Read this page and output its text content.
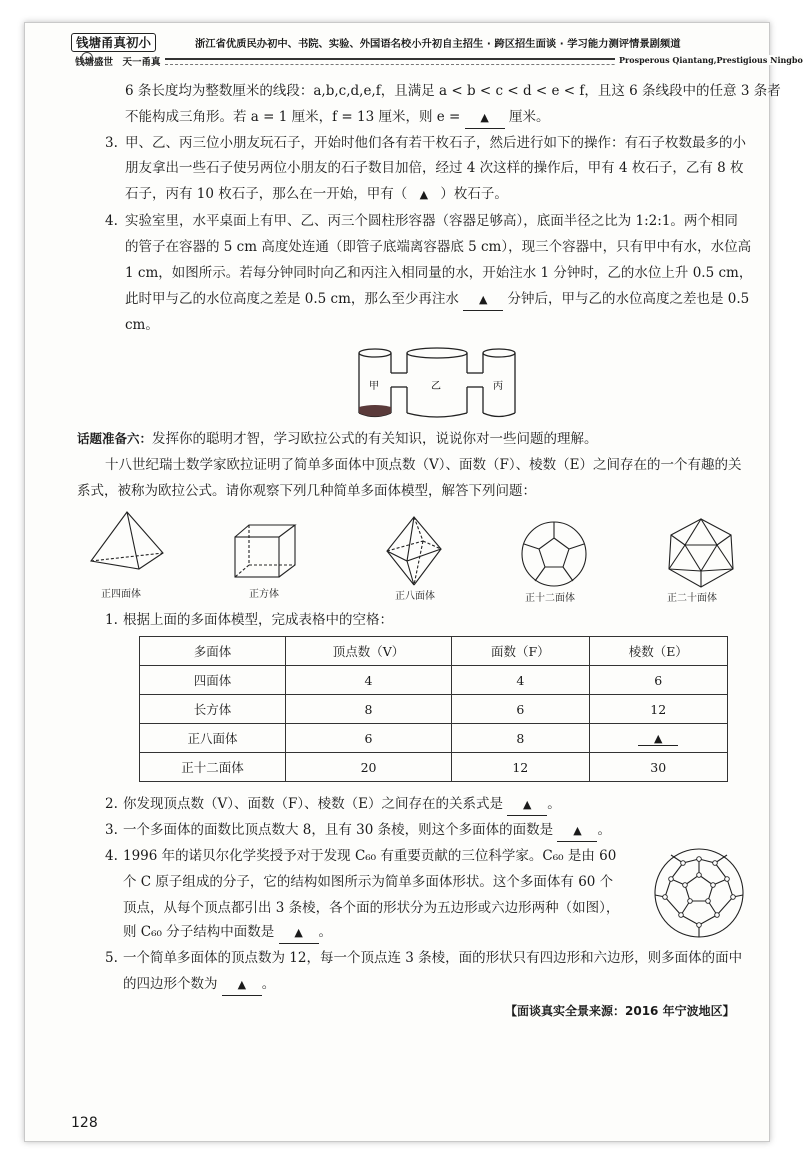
钱塘甬真初小	浙江省优质民办初中、书院、实验、外国语名校小升初自主招生 · 跨区招生面谈 · 学习能力测评情景剧频道
钱塘盛世　天一甬真	Prosperous Qiantang,Prestigious Ningbo
6 条长度均为整数厘米的线段：a,b,c,d,e,f，且满足 a < b < c < d < e < f，且这 6 条线段中的任意 3 条者
不能构成三角形。若 a = 1 厘米，f = 13 厘米，则 e = ▲ 厘米。
3. 甲、乙、丙三位小朋友玩石子，开始时他们各有若干枚石子，然后进行如下的操作：有石子枚数最多的小
朋友拿出一些石子使另两位小朋友的石子数目加倍，经过 4 次这样的操作后，甲有 4 枚石子，乙有 8 枚
石子，丙有 10 枚石子，那么在一开始，甲有（ ▲ ）枚石子。
4. 实验室里，水平桌面上有甲、乙、丙三个圆柱形容器（容器足够高），底面半径之比为 1:2:1。两个相同
的管子在容器的 5 cm 高度处连通（即管子底端离容器底 5 cm），现三个容器中，只有甲中有水，水位高
1 cm，如图所示。若每分钟同时向乙和丙注入相同量的水，开始注水 1 分钟时，乙的水位上升 0.5 cm，
此时甲与乙的水位高度之差是 0.5 cm，那么至少再注水 ▲ 分钟后，甲与乙的水位高度之差也是 0.5
cm。
甲	乙	丙
话题准备六：发挥你的聪明才智，学习欧拉公式的有关知识，说说你对一些问题的理解。
十八世纪瑞士数学家欧拉证明了简单多面体中顶点数（V）、面数（F）、棱数（E）之间存在的一个有趣的关
系式，被称为欧拉公式。请你观察下列几种简单多面体模型，解答下列问题：
正四面体	正方体	正八面体	正十二面体	正二十面体
1. 根据上面的多面体模型，完成表格中的空格：
多面体	顶点数（V）	面数（F）	棱数（E）
四面体	4	4	6
长方体	8	6	12
正八面体	6	8	▲
正十二面体	20	12	30
2. 你发现顶点数（V）、面数（F）、棱数（E）之间存在的关系式是 ▲ 。
3. 一个多面体的面数比顶点数大 8，且有 30 条棱，则这个多面体的面数是 ▲ 。
4. 1996 年的诺贝尔化学奖授予对于发现 C₆₀ 有重要贡献的三位科学家。C₆₀ 是由 60
个 C 原子组成的分子，它的结构如图所示为简单多面体形状。这个多面体有 60 个
顶点，从每个顶点都引出 3 条棱，各个面的形状分为五边形或六边形两种（如图），
则 C₆₀ 分子结构中面数是 ▲ 。
5. 一个简单多面体的顶点数为 12，每一个顶点连 3 条棱，面的形状只有四边形和六边形，则多面体的面中
的四边形个数为 ▲ 。
【面谈真实全景来源：2016 年宁波地区】
128
